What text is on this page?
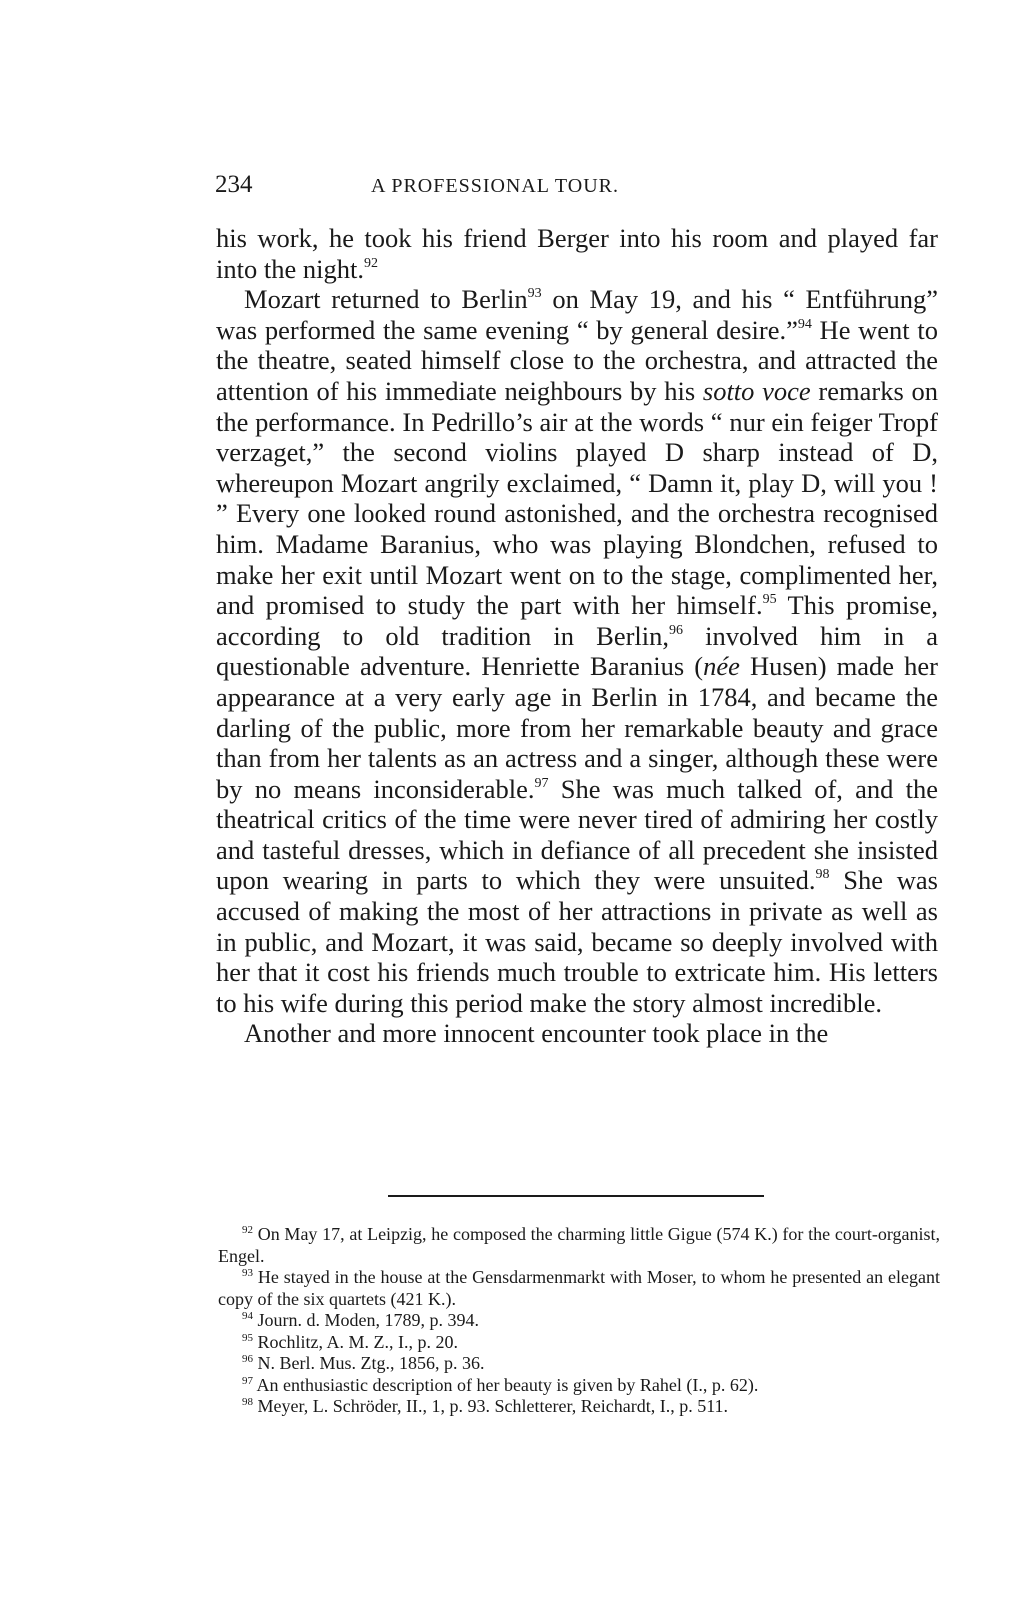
234	A PROFESSIONAL TOUR.

his work, he took his friend Berger into his room and played far into the night.$^{92}$

Mozart returned to Berlin$^{93}$ on May 19, and his “ Entführung” was performed the same evening “ by general desire.”$^{94}$ He went to the theatre, seated himself close to the orchestra, and attracted the attention of his immediate neighbours by his sotto voce remarks on the performance. In Pedrillo’s air at the words “ nur ein feiger Tropf verzaget,” the second violins played D sharp instead of D, whereupon Mozart angrily exclaimed, “ Damn it, play D, will you ! ” Every one looked round astonished, and the orchestra recognised him. Madame Baranius, who was playing Blondchen, refused to make her exit until Mozart went on to the stage, complimented her, and promised to study the part with her himself.$^{95}$ This promise, according to old tradition in Berlin,$^{96}$ involved him in a questionable adventure. Henriette Baranius (née Husen) made her appearance at a very early age in Berlin in 1784, and became the darling of the public, more from her remarkable beauty and grace than from her talents as an actress and a singer, although these were by no means inconsiderable.$^{97}$ She was much talked of, and the theatrical critics of the time were never tired of admiring her costly and tasteful dresses, which in defiance of all precedent she insisted upon wearing in parts to which they were unsuited.$^{98}$ She was accused of making the most of her attractions in private as well as in public, and Mozart, it was said, became so deeply involved with her that it cost his friends much trouble to extricate him. His letters to his wife during this period make the story almost incredible.

Another and more innocent encounter took place in the

$^{92}$ On May 17, at Leipzig, he composed the charming little Gigue (574 K.) for the court-organist, Engel.

$^{93}$ He stayed in the house at the Gensdarmenmarkt with Moser, to whom he presented an elegant copy of the six quartets (421 K.).

$^{94}$ Journ. d. Moden, 1789, p. 394.

$^{95}$ Rochlitz, A. M. Z., I., p. 20.

$^{96}$ N. Berl. Mus. Ztg., 1856, p. 36.

$^{97}$ An enthusiastic description of her beauty is given by Rahel (I., p. 62).

$^{98}$ Meyer, L. Schröder, II., 1, p. 93. Schletterer, Reichardt, I., p. 511.
